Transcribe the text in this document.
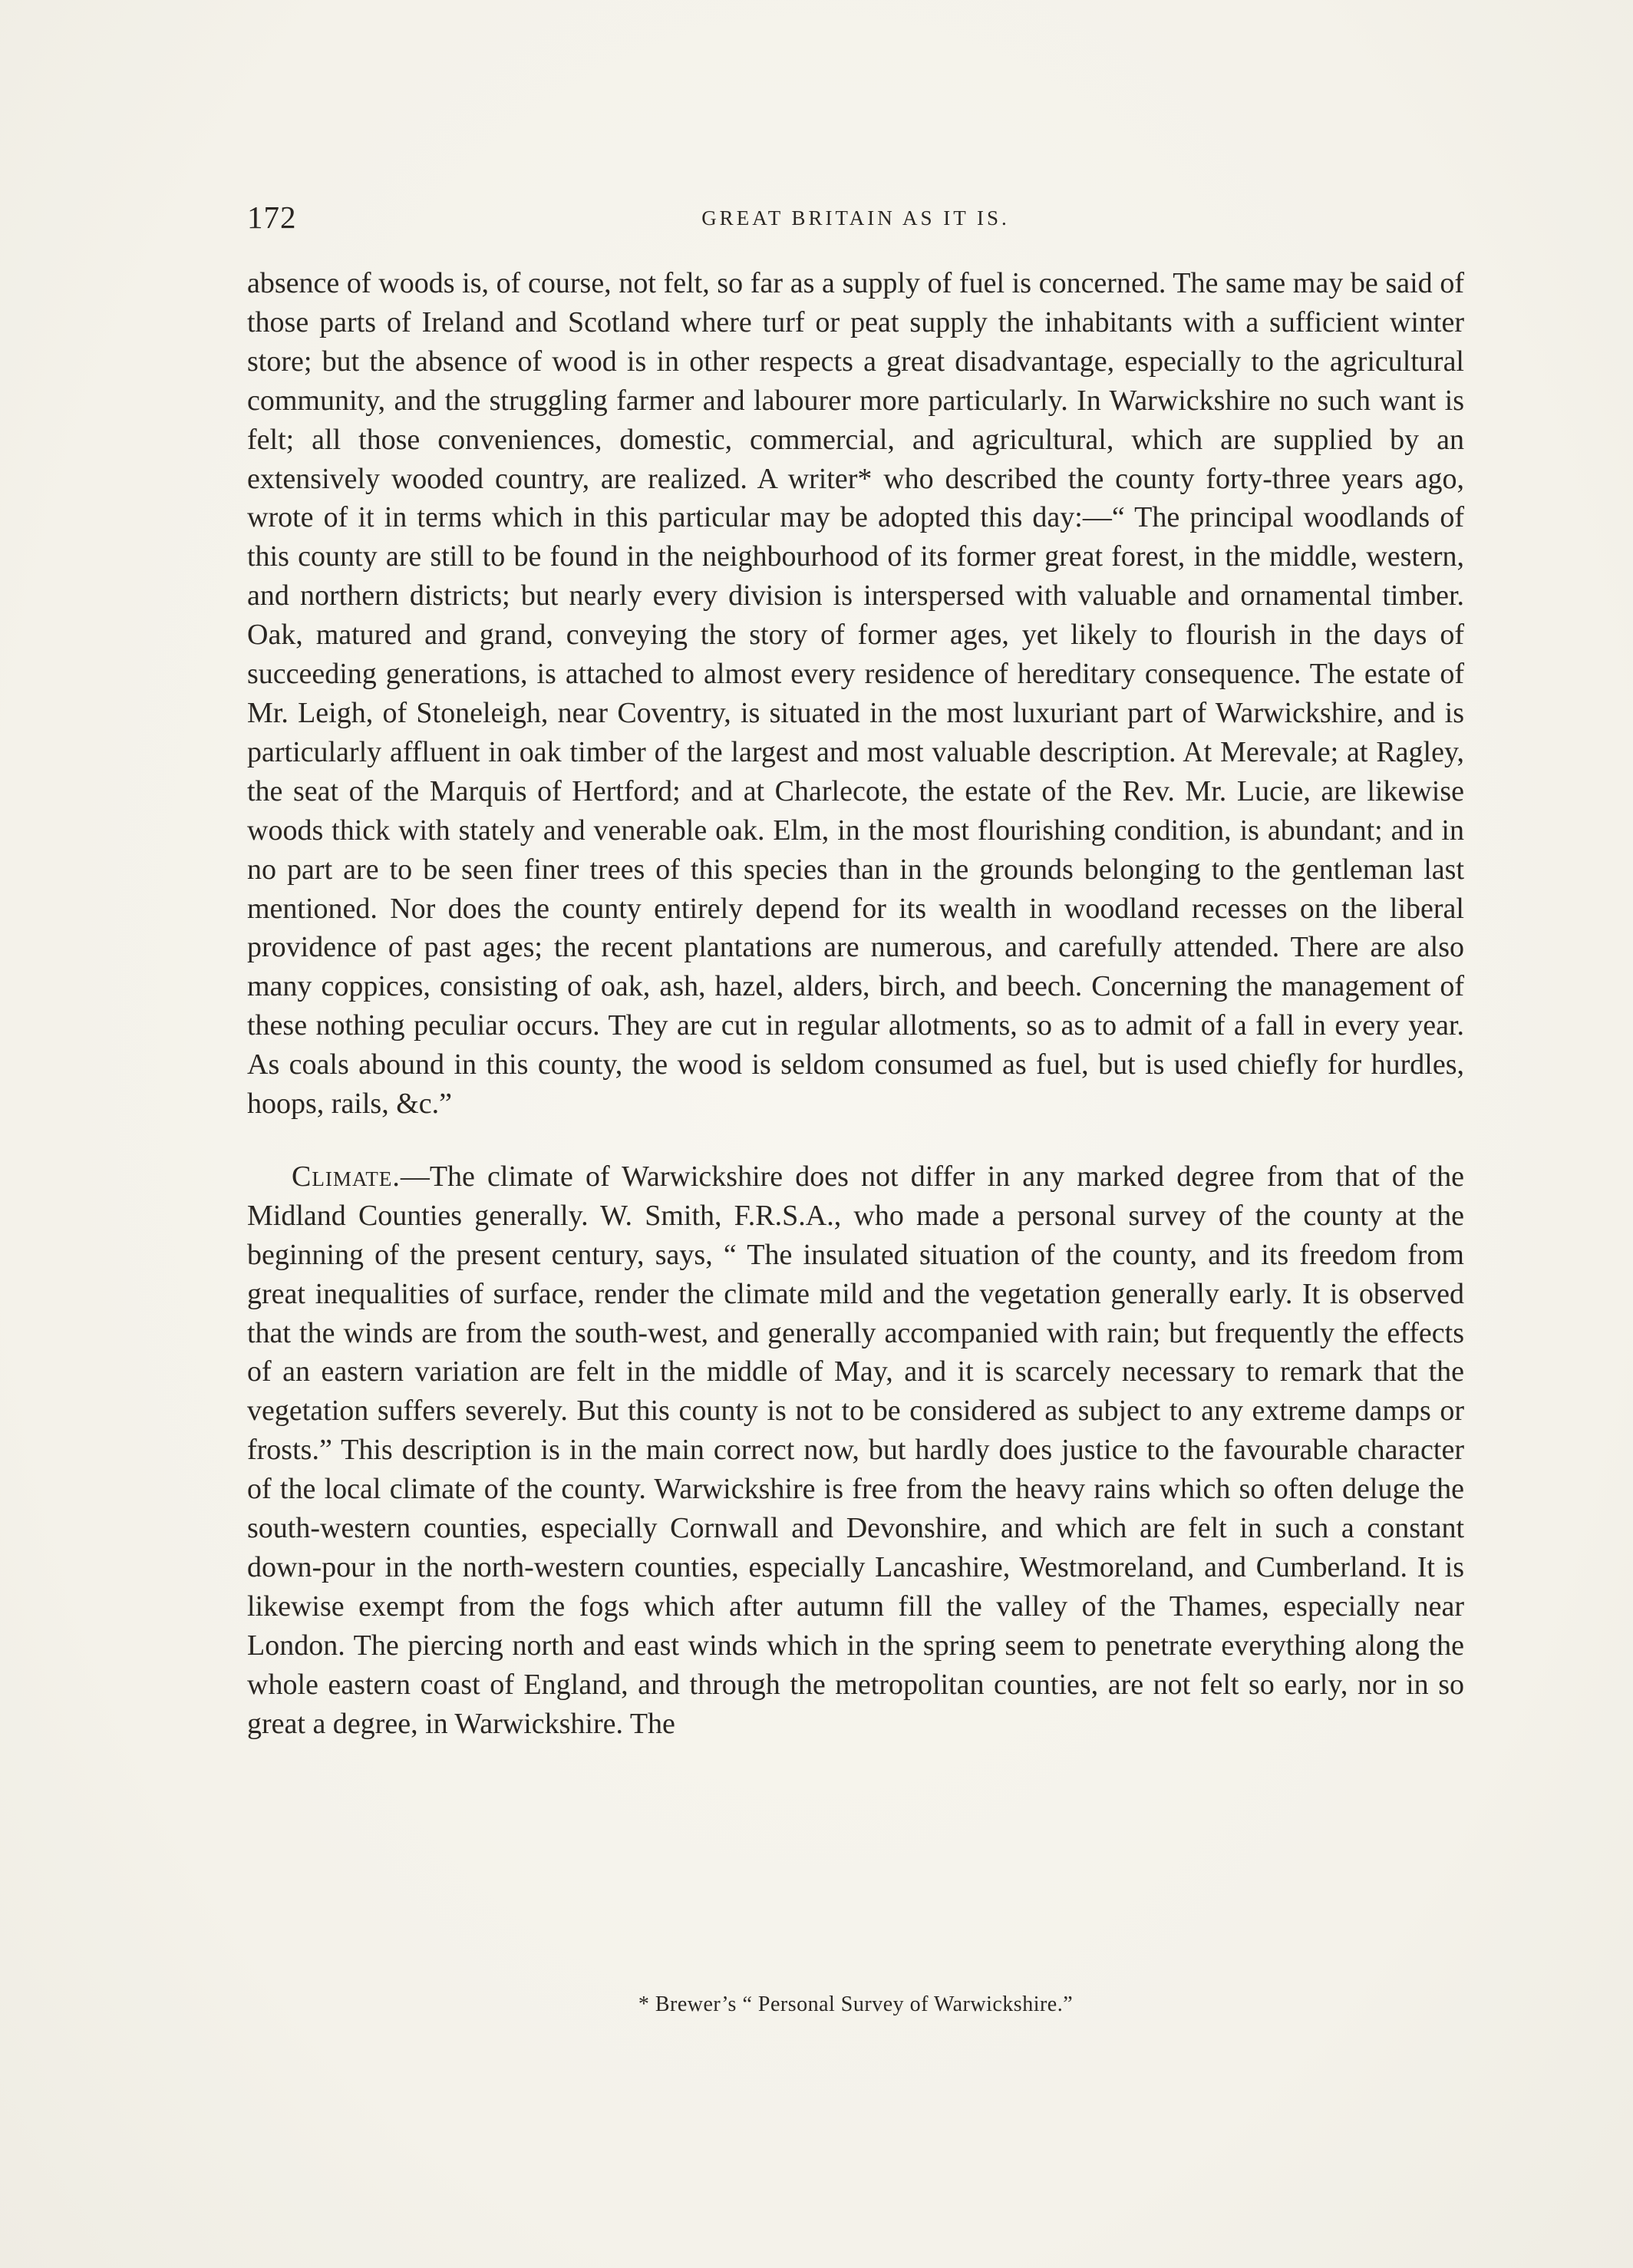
172	GREAT BRITAIN AS IT IS.

absence of woods is, of course, not felt, so far as a supply of fuel is concerned. The same may be said of those parts of Ireland and Scotland where turf or peat supply the inhabitants with a sufficient winter store; but the absence of wood is in other respects a great disadvantage, especially to the agricultural community, and the struggling farmer and labourer more particularly. In Warwickshire no such want is felt; all those conveniences, domestic, commercial, and agricultural, which are supplied by an extensively wooded country, are realized. A writer* who described the county forty-three years ago, wrote of it in terms which in this particular may be adopted this day:—“ The principal woodlands of this county are still to be found in the neighbourhood of its former great forest, in the middle, western, and northern districts; but nearly every division is interspersed with valuable and ornamental timber. Oak, matured and grand, conveying the story of former ages, yet likely to flourish in the days of succeeding generations, is attached to almost every residence of hereditary consequence. The estate of Mr. Leigh, of Stoneleigh, near Coventry, is situated in the most luxuriant part of Warwickshire, and is particularly affluent in oak timber of the largest and most valuable description. At Merevale; at Ragley, the seat of the Marquis of Hertford; and at Charlecote, the estate of the Rev. Mr. Lucie, are likewise woods thick with stately and venerable oak. Elm, in the most flourishing condition, is abundant; and in no part are to be seen finer trees of this species than in the grounds belonging to the gentleman last mentioned. Nor does the county entirely depend for its wealth in woodland recesses on the liberal providence of past ages; the recent plantations are numerous, and carefully attended. There are also many coppices, consisting of oak, ash, hazel, alders, birch, and beech. Concerning the management of these nothing peculiar occurs. They are cut in regular allotments, so as to admit of a fall in every year. As coals abound in this county, the wood is seldom consumed as fuel, but is used chiefly for hurdles, hoops, rails, &c.”

Climate.—The climate of Warwickshire does not differ in any marked degree from that of the Midland Counties generally. W. Smith, F.R.S.A., who made a personal survey of the county at the beginning of the present century, says, “ The insulated situation of the county, and its freedom from great inequalities of surface, render the climate mild and the vegetation generally early. It is observed that the winds are from the south-west, and generally accompanied with rain; but frequently the effects of an eastern variation are felt in the middle of May, and it is scarcely necessary to remark that the vegetation suffers severely. But this county is not to be considered as subject to any extreme damps or frosts.” This description is in the main correct now, but hardly does justice to the favourable character of the local climate of the county. Warwickshire is free from the heavy rains which so often deluge the south-western counties, especially Cornwall and Devonshire, and which are felt in such a constant down-pour in the north-western counties, especially Lancashire, Westmoreland, and Cumberland. It is likewise exempt from the fogs which after autumn fill the valley of the Thames, especially near London. The piercing north and east winds which in the spring seem to penetrate everything along the whole eastern coast of England, and through the metropolitan counties, are not felt so early, nor in so great a degree, in Warwickshire. The

* Brewer’s “ Personal Survey of Warwickshire.”
